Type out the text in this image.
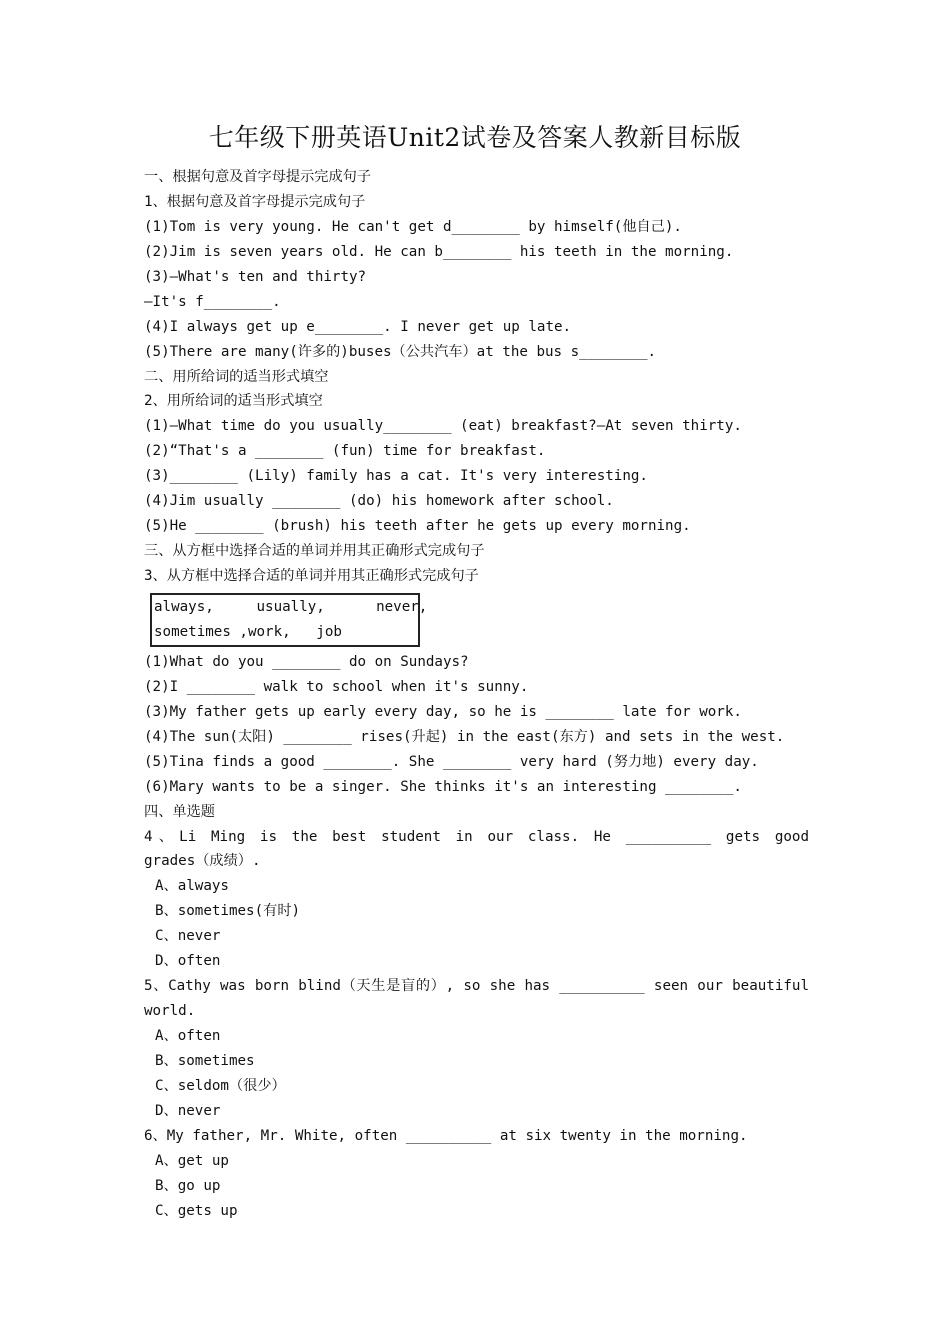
七年级下册英语Unit2试卷及答案人教新目标版
一、根据句意及首字母提示完成句子
1、根据句意及首字母提示完成句子
(1)Tom is very young. He can't get d________ by himself(他自己).
(2)Jim is seven years old. He can b________ his teeth in the morning.
(3)—What's ten and thirty?
—It's f________.
(4)I always get up e________. I never get up late.
(5)There are many(许多的)buses（公共汽车）at the bus s________.
二、用所给词的适当形式填空
2、用所给词的适当形式填空
(1)—What time do you usually________ (eat) breakfast?—At seven thirty.
(2)“That's a ________ (fun) time for breakfast.
(3)________ (Lily) family has a cat. It's very interesting.
(4)Jim usually ________ (do) his homework after school.
(5)He ________ (brush) his teeth after he gets up every morning.
三、从方框中选择合适的单词并用其正确形式完成句子
3、从方框中选择合适的单词并用其正确形式完成句子
always,     usually,      never,
sometimes ,work,   job
(1)What do you ________ do on Sundays?
(2)I ________ walk to school when it's sunny.
(3)My father gets up early every day, so he is ________ late for work.
(4)The sun(太阳) ________ rises(升起) in the east(东方) and sets in the west.
(5)Tina finds a good ________. She ________ very hard (努力地) every day.
(6)Mary wants to be a singer. She thinks it's an interesting ________.
四、单选题
4、Li Ming is the best student in our class. He __________ gets good
grades（成绩）.
A、always
B、sometimes(有时)
C、never
D、often
5、Cathy was born blind（天生是盲的）, so she has __________ seen our beautiful
world.
A、often
B、sometimes
C、seldom（很少）
D、never
6、My father, Mr. White, often __________ at six twenty in the morning.
A、get up
B、go up
C、gets up
